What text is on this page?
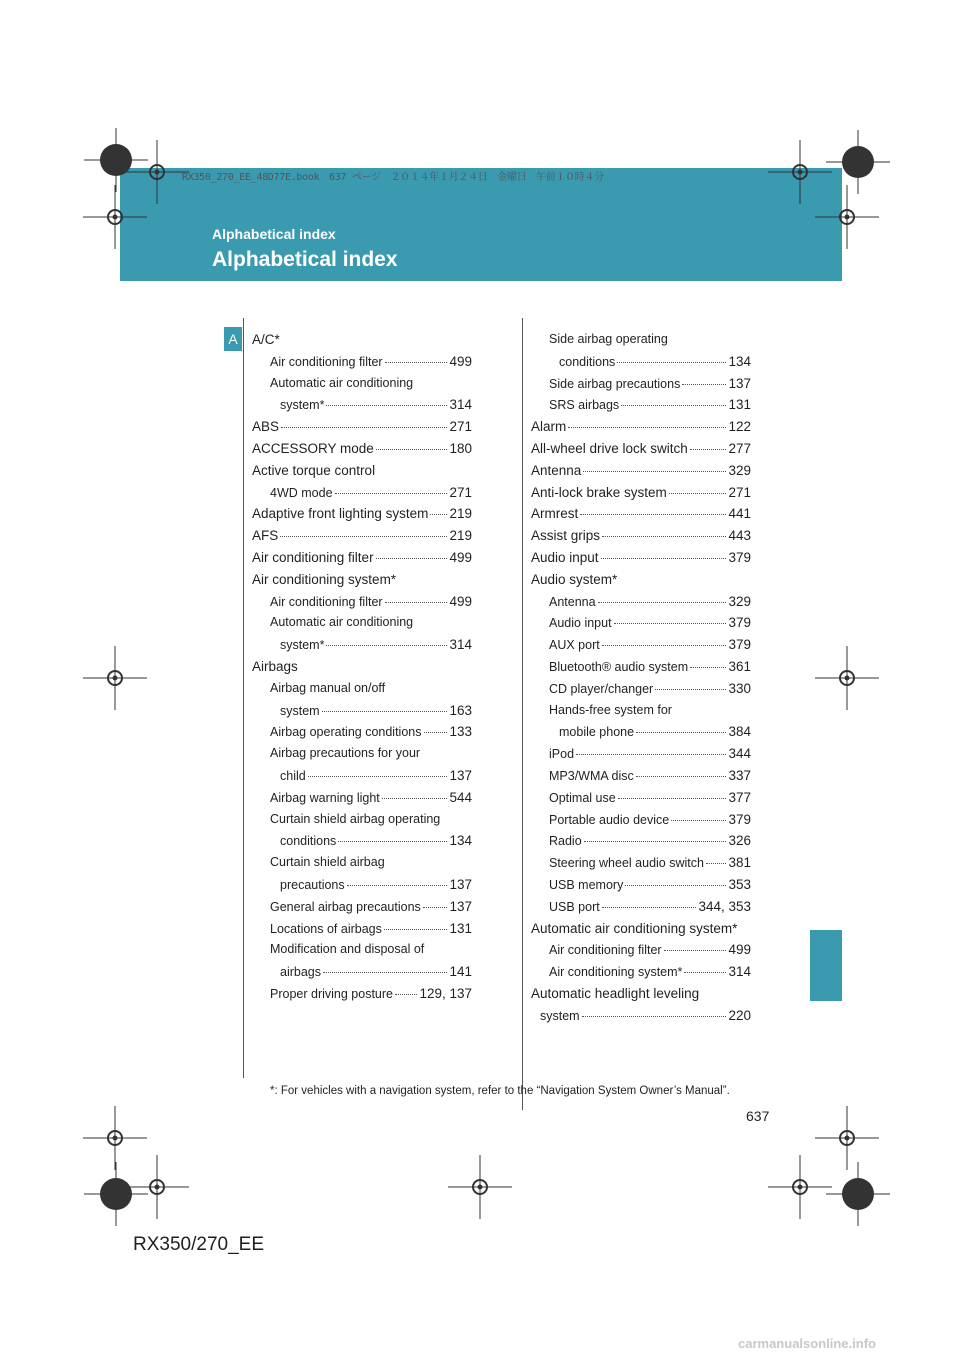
Alphabetical index
Alphabetical index
RX350_270_EE_48D77E.book　637 ページ　２０１４年１月２４日　金曜日　午前１０時４分
A	A/C*
Air conditioning filter	499
Automatic air conditioning
system*	314
ABS	271
ACCESSORY mode	180
Active torque control
4WD mode	271
Adaptive front lighting system 219
AFS	219
Air conditioning filter	499
Air conditioning system*
Air conditioning filter	499
Automatic air conditioning
system*	314
Airbags
Airbag manual on/off
system	163
Airbag operating conditions 133
Airbag precautions for your
child	137
Airbag warning light	544
Curtain shield airbag operating
conditions	134
Curtain shield airbag
precautions	137
General airbag precautions 137
Locations of airbags	131
Modification and disposal of
airbags	141
Proper driving posture 129, 137
Side airbag operating
conditions	134
Side airbag precautions	137
SRS airbags	131
Alarm	122
All-wheel drive lock switch	277
Antenna	329
Anti-lock brake system	271
Armrest	441
Assist grips	443
Audio input	379
Audio system*
Antenna	329
Audio input	379
AUX port	379
Bluetooth® audio system	361
CD player/changer	330
Hands-free system for
mobile phone	384
iPod	344
MP3/WMA disc	337
Optimal use	377
Portable audio device	379
Radio	326
Steering wheel audio switch 381
USB memory	353
USB port	344, 353
Automatic air conditioning system*
Air conditioning filter	499
Air conditioning system*	314
Automatic headlight leveling
system	220
*: For vehicles with a navigation system, refer to the “Navigation System Owner’s Manual”.
637
RX350/270_EE
carmanualsonline.info
